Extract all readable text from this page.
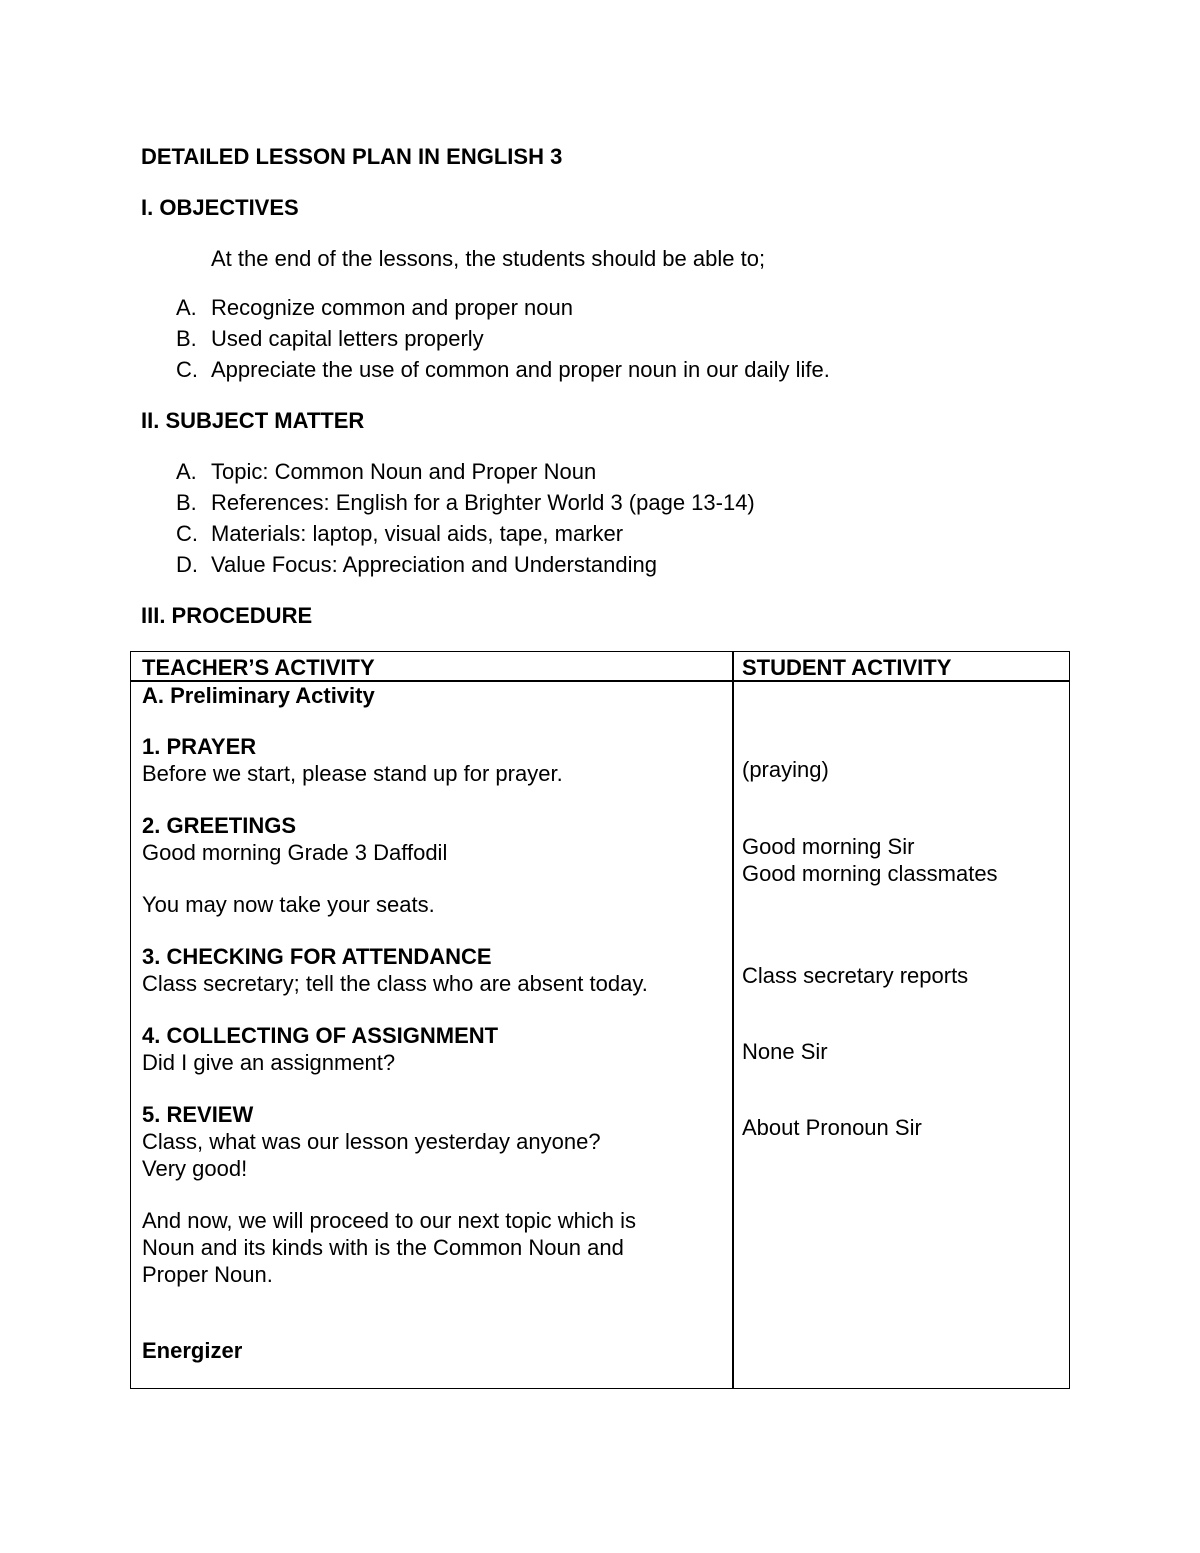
DETAILED LESSON PLAN IN ENGLISH 3
I. OBJECTIVES
At the end of the lessons, the students should be able to;
A. Recognize common and proper noun
B. Used capital letters properly
C. Appreciate the use of common and proper noun in our daily life.
II. SUBJECT MATTER
A. Topic: Common Noun and Proper Noun
B. References: English for a Brighter World 3 (page 13-14)
C. Materials: laptop, visual aids, tape, marker
D. Value Focus: Appreciation and Understanding
III. PROCEDURE
TEACHER’S ACTIVITY	STUDENT ACTIVITY
A. Preliminary Activity
1. PRAYER
Before we start, please stand up for prayer.
2. GREETINGS
Good morning Grade 3 Daffodil
You may now take your seats.
3. CHECKING FOR ATTENDANCE
Class secretary; tell the class who are absent today.
4. COLLECTING OF ASSIGNMENT
Did I give an assignment?
5. REVIEW
Class, what was our lesson yesterday anyone?
Very good!
And now, we will proceed to our next topic which is
Noun and its kinds with is the Common Noun and
Proper Noun.
Energizer
(praying)
Good morning Sir
Good morning classmates
Class secretary reports
None Sir
About Pronoun Sir
